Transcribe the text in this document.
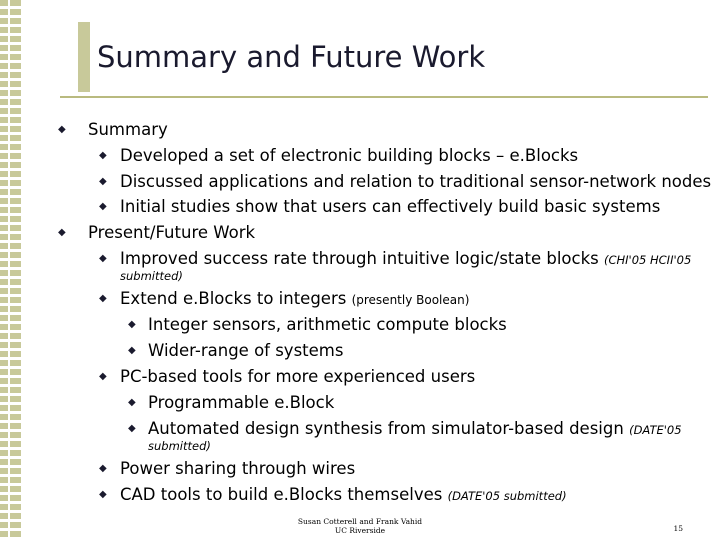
Summary and Future Work
◆ Summary
◆ Developed a set of electronic building blocks – e.Blocks
◆ Discussed applications and relation to traditional sensor-network nodes
◆ Initial studies show that users can effectively build basic systems
◆ Present/Future Work
◆ Improved success rate through intuitive logic/state blocks (CHI'05 HCII'05
submitted)
◆ Extend e.Blocks to integers (presently Boolean)
◆ Integer sensors, arithmetic compute blocks
◆ Wider-range of systems
◆ PC-based tools for more experienced users
◆ Programmable e.Block
◆ Automated design synthesis from simulator-based design (DATE'05
submitted)
◆ Power sharing through wires
◆ CAD tools to build e.Blocks themselves (DATE'05 submitted)
Susan Cotterell and Frank Vahid
UC Riverside	15
